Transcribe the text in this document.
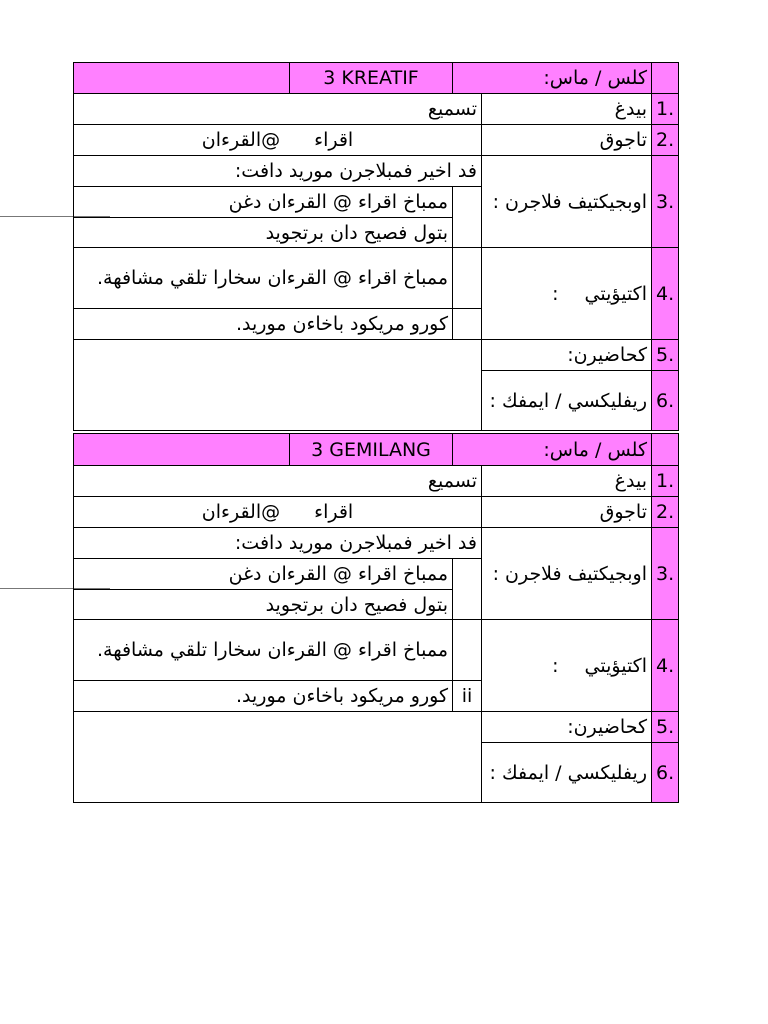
	3 KREATIF	كلس / ماس:		
تسميع			بيدغ	1.
اقراء@القرءان			تاجوق	2.
فد اخير فمبلاجرن موريد دافت:			اوبجيكتيف فلاجرن :	3.
ممباخ اقراء @ القرءان دغن				
بتول فصيح دان برتجويد				
ممباخ اقراء @ القرءان سخارا تلقي مشافهة.			اكتيؤيتي:	4.
كورو مريكود باخاءن موريد.				
			كحاضيرن:	5.
			ريفليكسي / ايمفك :	6.
	3 GEMILANG	كلس / ماس:		
تسميع			بيدغ	1.
اقراء@القرءان			تاجوق	2.
فد اخير فمبلاجرن موريد دافت:			اوبجيكتيف فلاجرن :	3.
ممباخ اقراء @ القرءان دغن				
بتول فصيح دان برتجويد				
ممباخ اقراء @ القرءان سخارا تلقي مشافهة.			اكتيؤيتي:	4.
كورو مريكود باخاءن موريد.		ii		
			كحاضيرن:	5.
			ريفليكسي / ايمفك :	6.
